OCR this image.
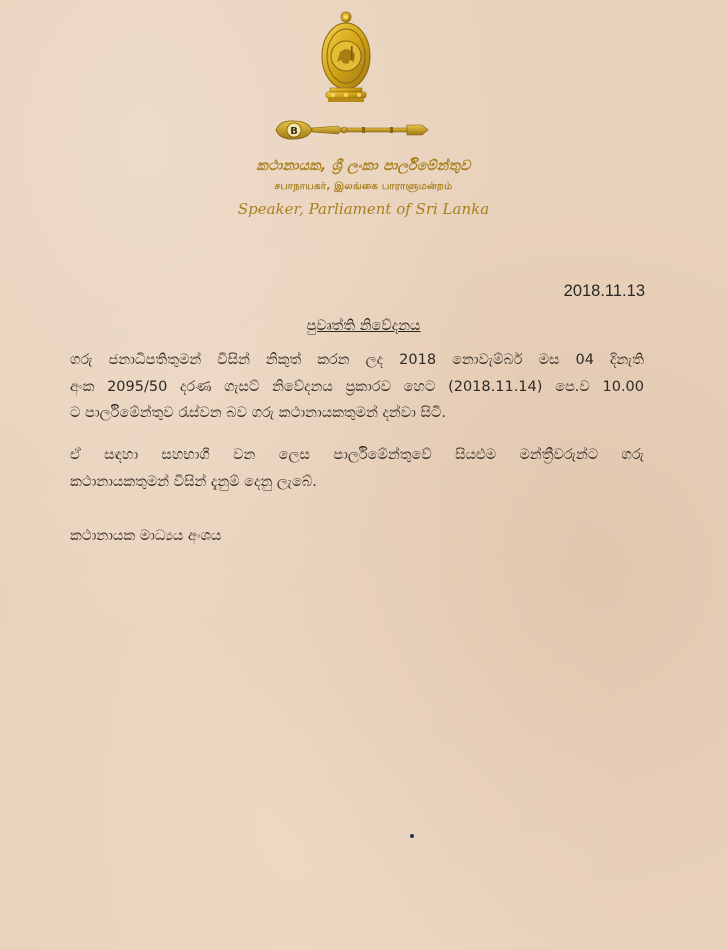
B
කථානායක, ශ්‍රී ලංකා පාර්ලිමේන්තුව
சபாநாயகர், இலங்கை பாராளுமன்றம்
Speaker, Parliament of Sri Lanka
2018.11.13
පුවෘත්ති නිවේදනය
ගරු ජනාධිපතිතුමන් විසින් නිකුත් කරන ලද 2018 නොවැම්බර් මස 04 දිනැති
අංක 2095/50 දරණ ගැසට් නිවේදනය ප්‍රකාරව හෙට (2018.11.14) පෙ.ව 10.00
ට පාර්ලිමේන්තුව රැස්වන බව ගරු කථානායකතුමන් දන්වා සිටී.
ඒ සඳහා සහභාගී වන ලෙස පාර්ලිමේන්තුවේ සියළුම මන්ත්‍රීවරුන්ට ගරු
කථානායකතුමන් විසින් දැනුම් දෙනු ලැබේ.
කථානායක මාධ්‍යය අංශය
